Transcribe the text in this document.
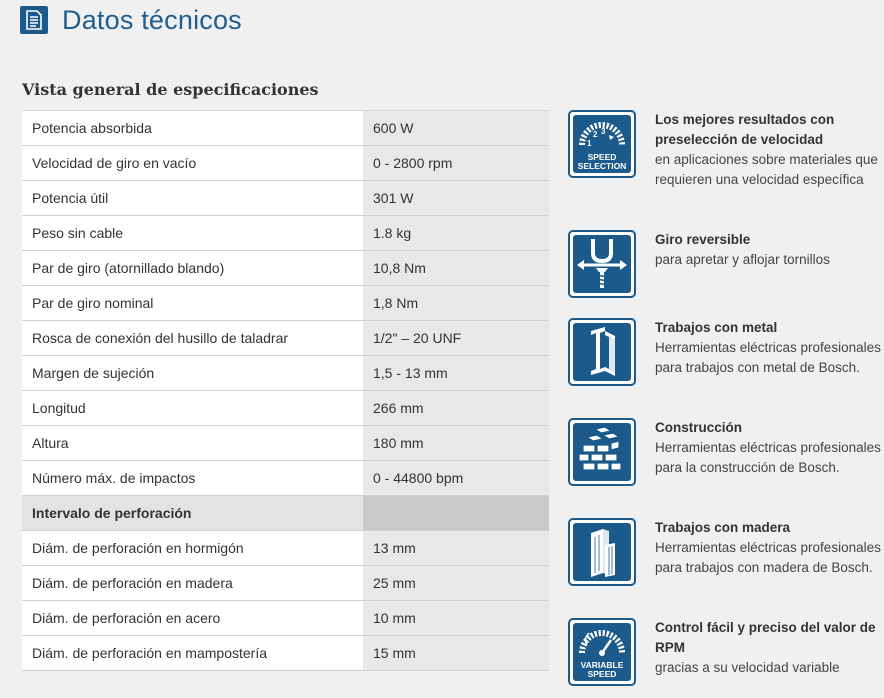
Datos técnicos
Vista general de especificaciones
Potencia absorbida	600 W
Velocidad de giro en vacío	0 - 2800 rpm
Potencia útil	301 W
Peso sin cable	1.8 kg
Par de giro (atornillado blando)	10,8 Nm
Par de giro nominal	1,8 Nm
Rosca de conexión del husillo de taladrar	1/2" – 20 UNF
Margen de sujeción	1,5 - 13 mm
Longitud	266 mm
Altura	180 mm
Número máx. de impactos	0 - 44800 bpm
Intervalo de perforación
Diám. de perforación en hormigón	13 mm
Diám. de perforación en madera	25 mm
Diám. de perforación en acero	10 mm
Diám. de perforación en mampostería	15 mm
1
2 3
SPEED
SELECTION
Los mejores resultados con preselección de velocidad
en aplicaciones sobre materiales que requieren una velocidad específica
Giro reversible
para apretar y aflojar tornillos
Trabajos con metal
Herramientas eléctricas profesionales para trabajos con metal de Bosch.
Construcción
Herramientas eléctricas profesionales para la construcción de Bosch.
Trabajos con madera
Herramientas eléctricas profesionales para trabajos con madera de Bosch.
VARIABLE
SPEED
Control fácil y preciso del valor de RPM
gracias a su velocidad variable
